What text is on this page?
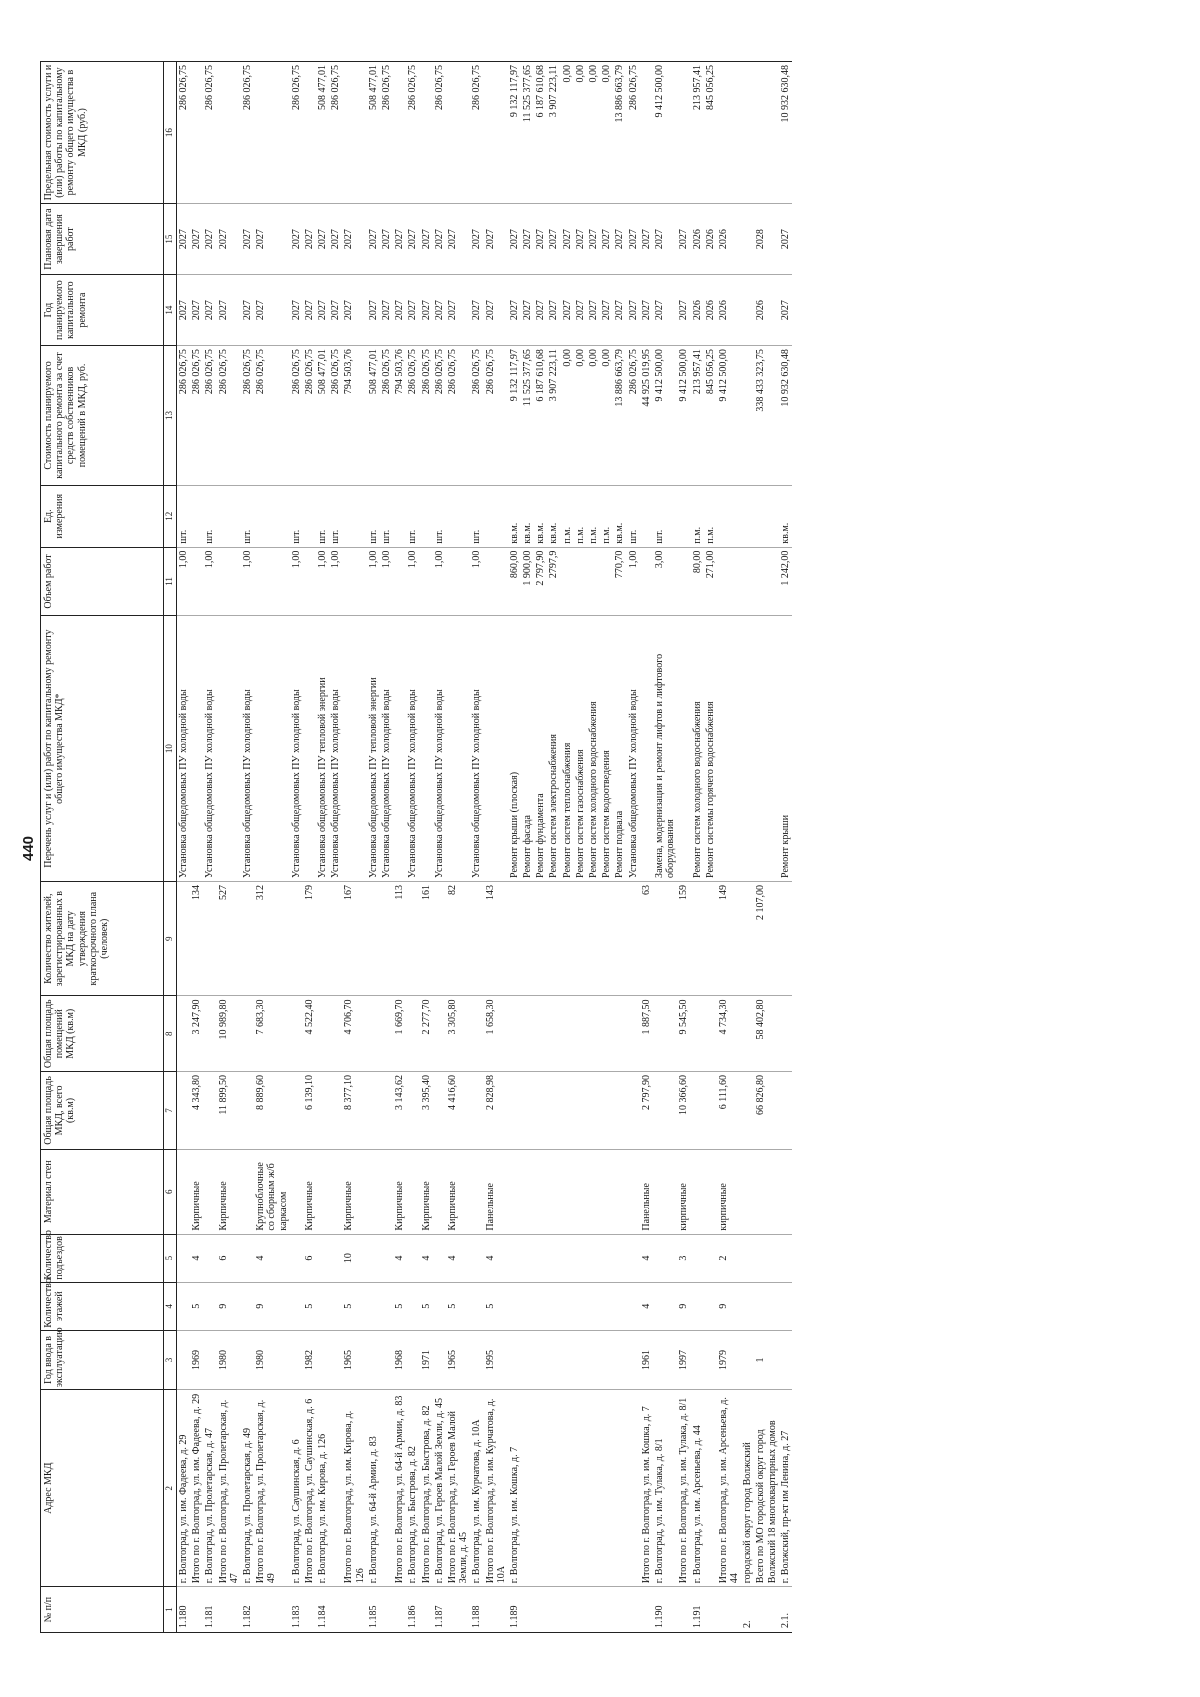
440
№ п/п	Адрес МКД	Год ввода в эксплуатацию	Количество этажей	Количество подъездов	Материал стен	Общая площадь МКД, всего (кв.м)	Общая площадь помещений МКД (кв.м)	Количество жителей, зарегистрированных в МКД на дату утверждения краткосрочного плана (человек)	Перечень услуг и (или) работ по капитальному ремонту общего имущества МКД*	Объем работ	Ед. измерения	Стоимость планируемого капитального ремонта за счет средств собственников помещений в МКД, руб.	Год планируемого капитального ремонта	Плановая дата завершения работ	Предельная стоимость услуги и (или) работы по капитальному ремонту общего имущества в МКД (руб.)
1	2	3	4	5	6	7	8	9	10	11	12	13	14	15	16
1.180	г. Волгоград, ул. им. Фадеева, д. 29								Установка общедомовых ПУ холодной воды	1,00	шт.	286 026,75	2027	2027	286 026,75
	Итого по г. Волгоград, ул. им. Фадеева, д. 29	1969	5	4	Кирпичные	4 343,80	3 247,90	134				286 026,75	2027	2027	
1.181	г. Волгоград, ул. Пролетарская, д. 47								Установка общедомовых ПУ холодной воды	1,00	шт.	286 026,75	2027	2027	286 026,75
	Итого по г. Волгоград, ул. Пролетарская, д. 47	1980	9	6	Кирпичные	11 899,50	10 989,80	527				286 026,75	2027	2027	
1.182	г. Волгоград, ул. Пролетарская, д. 49								Установка общедомовых ПУ холодной воды	1,00	шт.	286 026,75	2027	2027	286 026,75
	Итого по г. Волгоград, ул. Пролетарская, д. 49	1980	9	4	Крупноблочные со сборным ж/б каркасом	8 889,60	7 683,30	312				286 026,75	2027	2027	
1.183	г. Волгоград, ул. Саушинская, д. 6								Установка общедомовых ПУ холодной воды	1,00	шт.	286 026,75	2027	2027	286 026,75
	Итого по г. Волгоград, ул. Саушинская, д. 6	1982	5	6	Кирпичные	6 139,10	4 522,40	179				286 026,75	2027	2027	
1.184	г. Волгоград, ул. им. Кирова, д. 126								Установка общедомовых ПУ тепловой энергии	1,00	шт.	508 477,01	2027	2027	508 477,01
									Установка общедомовых ПУ холодной воды	1,00	шт.	286 026,75	2027	2027	286 026,75
	Итого по г. Волгоград, ул. им. Кирова, д. 126	1965	5	10	Кирпичные	8 377,10	4 706,70	167				794 503,76	2027	2027	
1.185	г. Волгоград, ул. 64-й Армии, д. 83								Установка общедомовых ПУ тепловой энергии	1,00	шт.	508 477,01	2027	2027	508 477,01
									Установка общедомовых ПУ холодной воды	1,00	шт.	286 026,75	2027	2027	286 026,75
	Итого по г. Волгоград, ул. 64-й Армии, д. 83	1968	5	4	Кирпичные	3 143,62	1 669,70	113				794 503,76	2027	2027	
1.186	г. Волгоград, ул. Быстрова, д. 82								Установка общедомовых ПУ холодной воды	1,00	шт.	286 026,75	2027	2027	286 026,75
	Итого по г. Волгоград, ул. Быстрова, д. 82	1971	5	4	Кирпичные	3 395,40	2 277,70	161				286 026,75	2027	2027	
1.187	г. Волгоград, ул. Героев Малой Земли, д. 45								Установка общедомовых ПУ холодной воды	1,00	шт.	286 026,75	2027	2027	286 026,75
	Итого по г. Волгоград, ул. Героев Малой Земли, д. 45	1965	5	4	Кирпичные	4 416,60	3 305,80	82				286 026,75	2027	2027	
1.188	г. Волгоград, ул. им. Курчатова, д. 10А								Установка общедомовых ПУ холодной воды	1,00	шт.	286 026,75	2027	2027	286 026,75
	Итого по г. Волгоград, ул. им. Курчатова, д. 10А	1995	5	4	Панельные	2 828,98	1 658,30	143				286 026,75	2027	2027	
1.189	г. Волгоград, ул. им. Кошка, д. 7								Ремонт крыши (плоская)	860,00	кв.м.	9 132 117,97	2027	2027	9 132 117,97
									Ремонт фасада	1 900,00	кв.м.	11 525 377,65	2027	2027	11 525 377,65
									Ремонт фундамента	2 797,90	кв.м.	6 187 610,68	2027	2027	6 187 610,68
									Ремонт систем электроснабжения	2797,9	кв.м.	3 907 223,11	2027	2027	3 907 223,11
									Ремонт систем теплоснабжения		п.м.	0,00	2027	2027	0,00
									Ремонт систем газоснабжения		п.м.	0,00	2027	2027	0,00
									Ремонт систем холодного водоснабжения		п.м.	0,00	2027	2027	0,00
									Ремонт систем водоотведения		п.м.	0,00	2027	2027	0,00
									Ремонт подвала	770,70	кв.м.	13 886 663,79	2027	2027	13 886 663,79
									Установка общедомовых ПУ холодной воды	1,00	шт.	286 026,75	2027	2027	286 026,75
	Итого по г. Волгоград, ул. им. Кошка, д. 7	1961	4	4	Панельные	2 797,90	1 887,50	63				44 925 019,95	2027	2027	
1.190	г. Волгоград, ул. им. Тулака, д. 8/1								Замена, модернизация и ремонт лифтов и лифтового оборудования	3,00	шт.	9 412 500,00	2027	2027	9 412 500,00
	Итого по г. Волгоград, ул. им. Тулака, д. 8/1	1997	9	3	кирпичные	10 366,60	9 545,50	159				9 412 500,00	2027	2027	
1.191	г. Волгоград, ул. им. Арсеньева, д. 44								Ремонт систем холодного водоснабжения	80,00	п.м.	213 957,41	2026	2026	213 957,41
									Ремонт системы горячего водоснабжения	271,00	п.м.	845 056,25	2026	2026	845 056,25
	Итого по г. Волгоград, ул. им. Арсеньева, д. 44	1979	9	2	кирпичные	6 111,60	4 734,30	149				9 412 500,00	2026	2026	
2.	городской округ город Волжский														
	Всего по МО городской округ город Волжский 18 многоквартирных домов	1				66 826,80	58 402,80	2 107,00				338 433 323,75	2026	2028	
2.1.	г. Волжский, пр-кт им Ленина, д. 27								Ремонт крыши	1 242,00	кв.м.	10 932 630,48	2027	2027	10 932 630,48
